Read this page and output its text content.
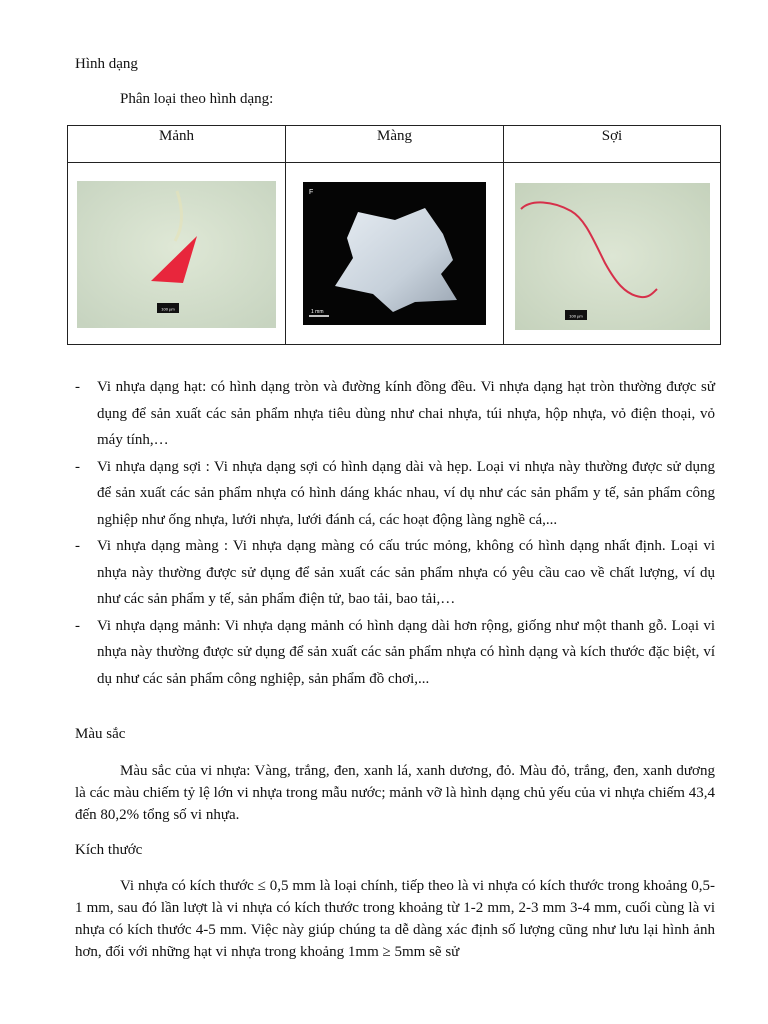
Hình dạng
Phân loại theo hình dạng:
Mảnh	Màng	Sợi

100 µm	F
1 mm	100 µm
- Vi nhựa dạng hạt: có hình dạng tròn và đường kính đồng đều. Vi nhựa dạng hạt tròn thường được sử dụng để sản xuất các sản phẩm nhựa tiêu dùng như chai nhựa, túi nhựa, hộp nhựa, vỏ điện thoại, vỏ máy tính,…
- Vi nhựa dạng sợi : Vi nhựa dạng sợi có hình dạng dài và hẹp. Loại vi nhựa này thường được sử dụng để sản xuất các sản phẩm nhựa có hình dáng khác nhau, ví dụ như các sản phẩm y tế, sản phẩm công nghiệp như ống nhựa, lưới nhựa, lưới đánh cá, các hoạt động làng nghề cá,...
- Vi nhựa dạng màng : Vi nhựa dạng màng có cấu trúc mỏng, không có hình dạng nhất định. Loại vi nhựa này thường được sử dụng để sản xuất các sản phẩm nhựa có yêu cầu cao về chất lượng, ví dụ như các sản phẩm y tế, sản phẩm điện tử, bao tải, bao tải,…
- Vi nhựa dạng mảnh: Vi nhựa dạng mảnh có hình dạng dài hơn rộng, giống như một thanh gỗ. Loại vi nhựa này thường được sử dụng để sản xuất các sản phẩm nhựa có hình dạng và kích thước đặc biệt, ví dụ như các sản phẩm công nghiệp, sản phẩm đồ chơi,...
Màu sắc
Màu sắc của vi nhựa: Vàng, trắng, đen, xanh lá, xanh dương, đỏ. Màu đỏ, trắng, đen, xanh dương là các màu chiếm tỷ lệ lớn vi nhựa trong mẫu nước; mảnh vỡ là hình dạng chủ yếu của vi nhựa chiếm 43,4 đến 80,2% tổng số vi nhựa.
Kích thước
Vi nhựa có kích thước ≤ 0,5 mm là loại chính, tiếp theo là vi nhựa có kích thước trong khoảng 0,5-1 mm, sau đó lần lượt là vi nhựa có kích thước trong khoảng từ 1-2 mm, 2-3 mm 3-4 mm, cuối cùng là vi nhựa có kích thước 4-5 mm. Việc này giúp chúng ta dễ dàng xác định số lượng cũng như lưu lại hình ảnh hơn, đối với những hạt vi nhựa trong khoảng 1mm ≥ 5mm sẽ sử
